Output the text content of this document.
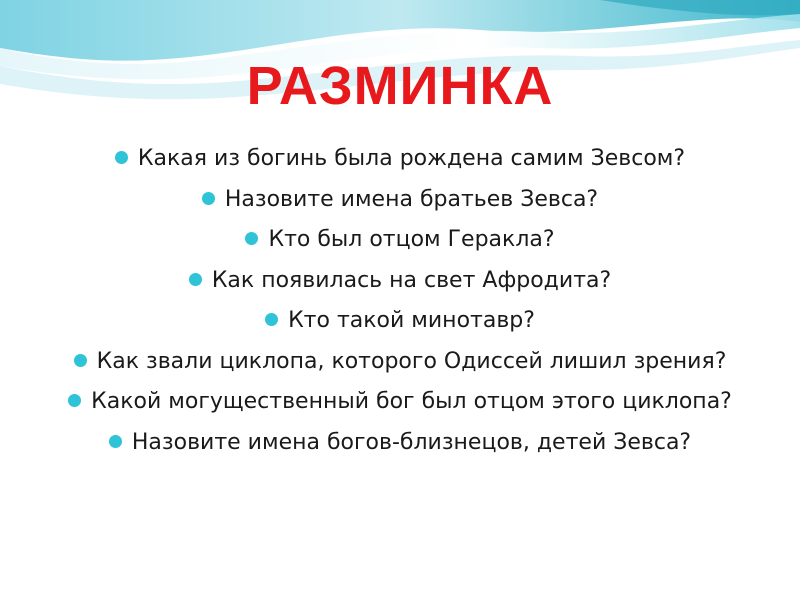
РАЗМИНКА
Какая из богинь была рождена самим Зевсом?
Назовите имена братьев Зевса?
Кто был отцом Геракла?
Как появилась на свет Афродита?
Кто такой минотавр?
Как звали циклопа, которого Одиссей лишил зрения?
Какой могущественный бог был отцом этого циклопа?
Назовите имена богов-близнецов, детей Зевса?
